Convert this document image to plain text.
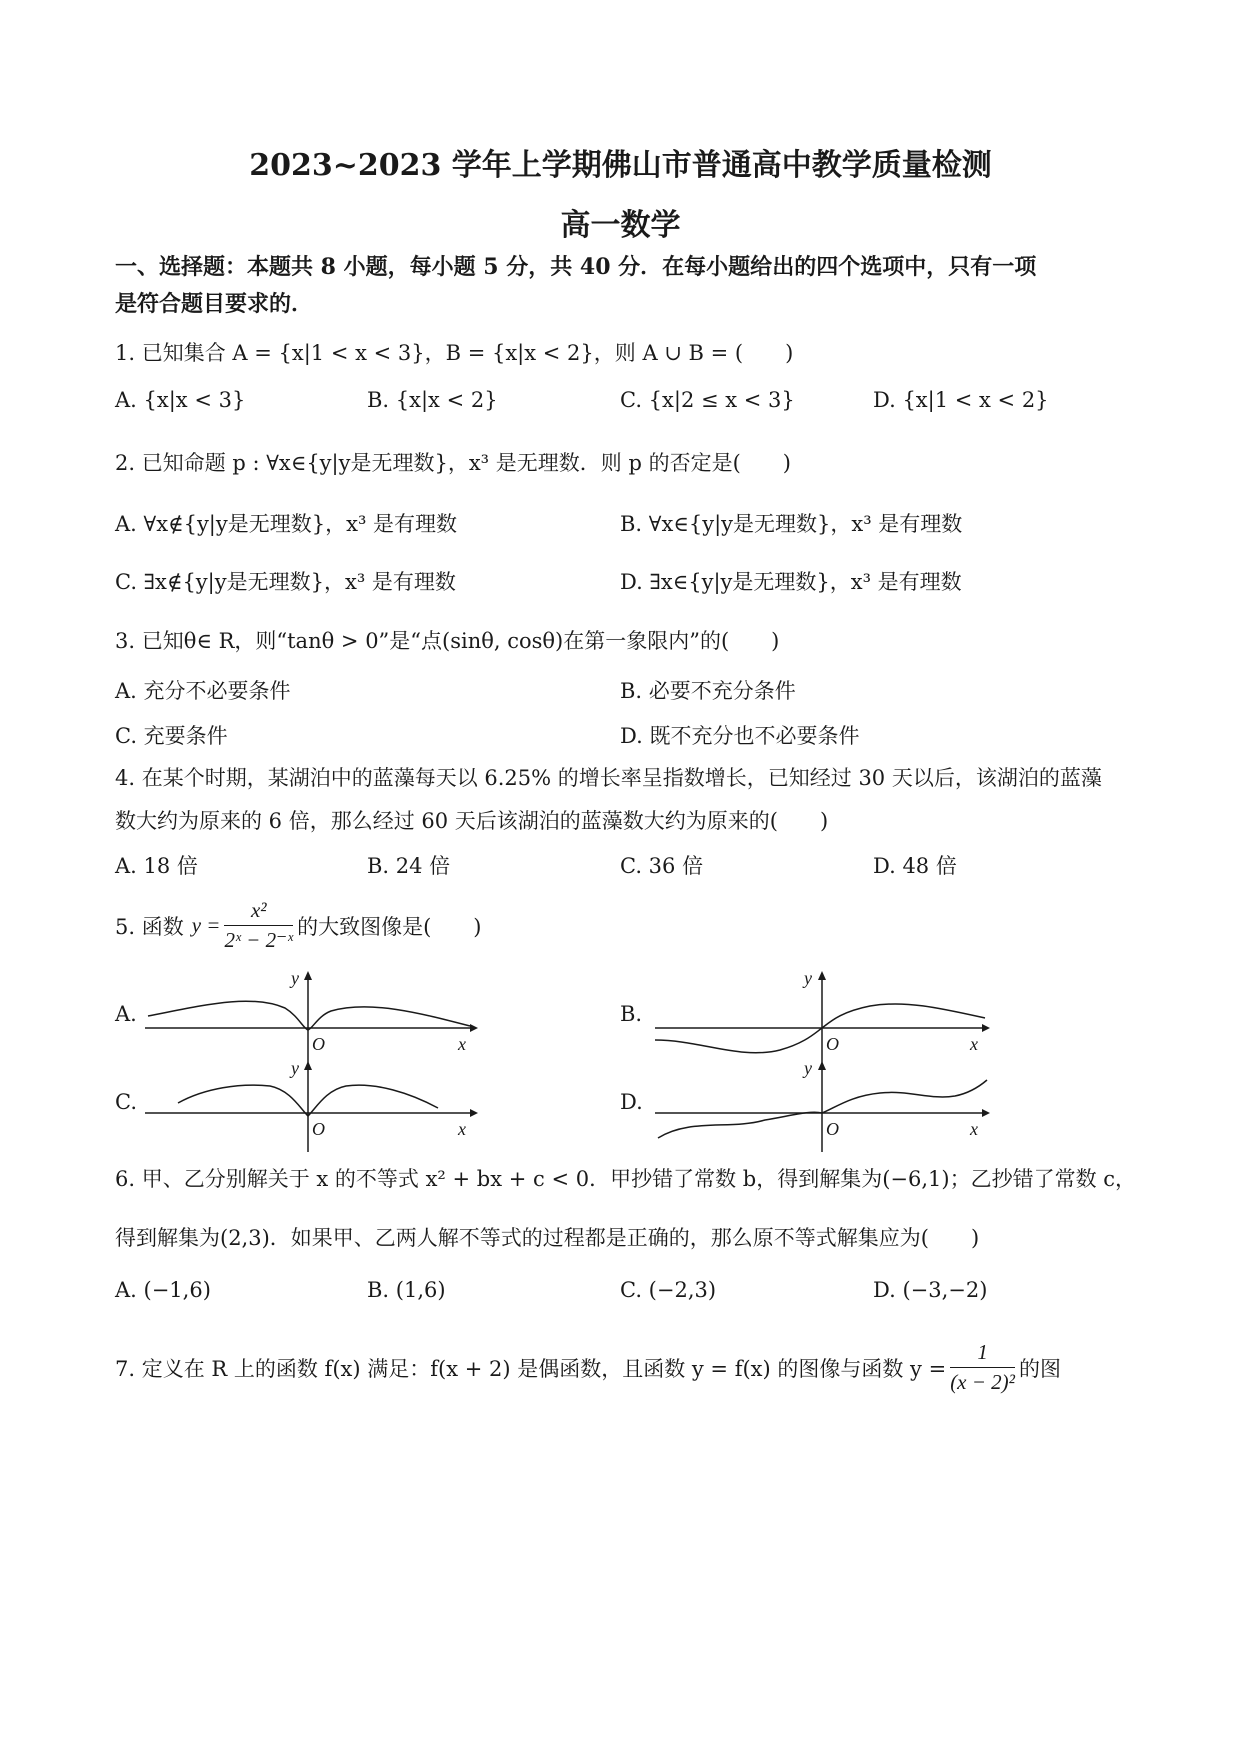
2023~2023 学年上学期佛山市普通高中教学质量检测
高一数学
一、选择题：本题共 8 小题，每小题 5 分，共 40 分．在每小题给出的四个选项中，只有一项
是符合题目要求的．
1. 已知集合 A = {x|1 < x < 3}，B = {x|x < 2}，则 A ∪ B = (　　)
A. {x|x < 3}	B. {x|x < 2}	C. {x|2 ≤ x < 3}	D. {x|1 < x < 2}
2. 已知命题 p : ∀x∈{y|y是无理数}，x³ 是无理数．则 p 的否定是(　　)
A. ∀x∉{y|y是无理数}，x³ 是有理数	B. ∀x∈{y|y是无理数}，x³ 是有理数
C. ∃x∉{y|y是无理数}，x³ 是有理数	D. ∃x∈{y|y是无理数}，x³ 是有理数
3. 已知θ∈ R，则“tanθ > 0”是“点(sinθ, cosθ)在第一象限内”的(　　)
A. 充分不必要条件	B. 必要不充分条件
C. 充要条件	D. 既不充分也不必要条件
4. 在某个时期，某湖泊中的蓝藻每天以 6.25% 的增长率呈指数增长，已知经过 30 天以后，该湖泊的蓝藻
数大约为原来的 6 倍，那么经过 60 天后该湖泊的蓝藻数大约为原来的(　　)
A. 18 倍	B. 24 倍	C. 36 倍	D. 48 倍
5. 函数 $y = \frac{\text{x²}}{\text{2ˣ − 2⁻ˣ}}$ 的大致图像是(　　)
A.
y
O	x
B.
y
O	x
C.
y
O	x
D.
y
O	x
6. 甲、乙分别解关于 x 的不等式 x² + bx + c < 0．甲抄错了常数 b，得到解集为(−6,1)；乙抄错了常数 c，
得到解集为(2,3)．如果甲、乙两人解不等式的过程都是正确的，那么原不等式解集应为(　　)
A. (−1,6)	B. (1,6)	C. (−2,3)	D. (−3,−2)
7. 定义在 R 上的函数 f(x) 满足：f(x + 2) 是偶函数，且函数 y = f(x) 的图像与函数 $y = \frac{1}{\text{(x − 2)²}}$ 的图
